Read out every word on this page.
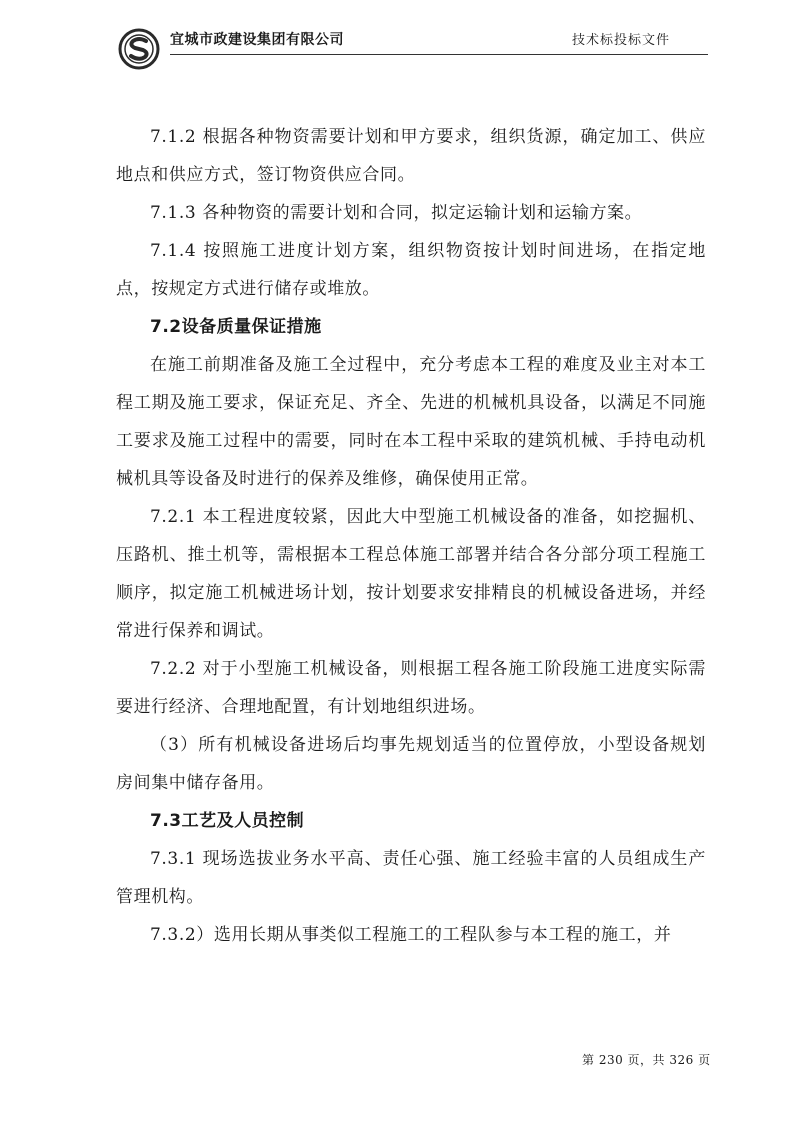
宜城市政建设集团有限公司	技术标投标文件

7.1.2 根据各种物资需要计划和甲方要求，组织货源，确定加工、供应地点和供应方式，签订物资供应合同。

7.1.3 各种物资的需要计划和合同，拟定运输计划和运输方案。

7.1.4 按照施工进度计划方案，组织物资按计划时间进场，在指定地点，按规定方式进行储存或堆放。

7.2设备质量保证措施

在施工前期准备及施工全过程中，充分考虑本工程的难度及业主对本工程工期及施工要求，保证充足、齐全、先进的机械机具设备，以满足不同施工要求及施工过程中的需要，同时在本工程中采取的建筑机械、手持电动机械机具等设备及时进行的保养及维修，确保使用正常。

7.2.1 本工程进度较紧，因此大中型施工机械设备的准备，如挖掘机、压路机、推土机等，需根据本工程总体施工部署并结合各分部分项工程施工顺序，拟定施工机械进场计划，按计划要求安排精良的机械设备进场，并经常进行保养和调试。

7.2.2 对于小型施工机械设备，则根据工程各施工阶段施工进度实际需要进行经济、合理地配置，有计划地组织进场。

（3）所有机械设备进场后均事先规划适当的位置停放，小型设备规划房间集中储存备用。

7.3工艺及人员控制

7.3.1 现场选拔业务水平高、责任心强、施工经验丰富的人员组成生产管理机构。

7.3.2）选用长期从事类似工程施工的工程队参与本工程的施工，并

第 230 页，共 326 页
